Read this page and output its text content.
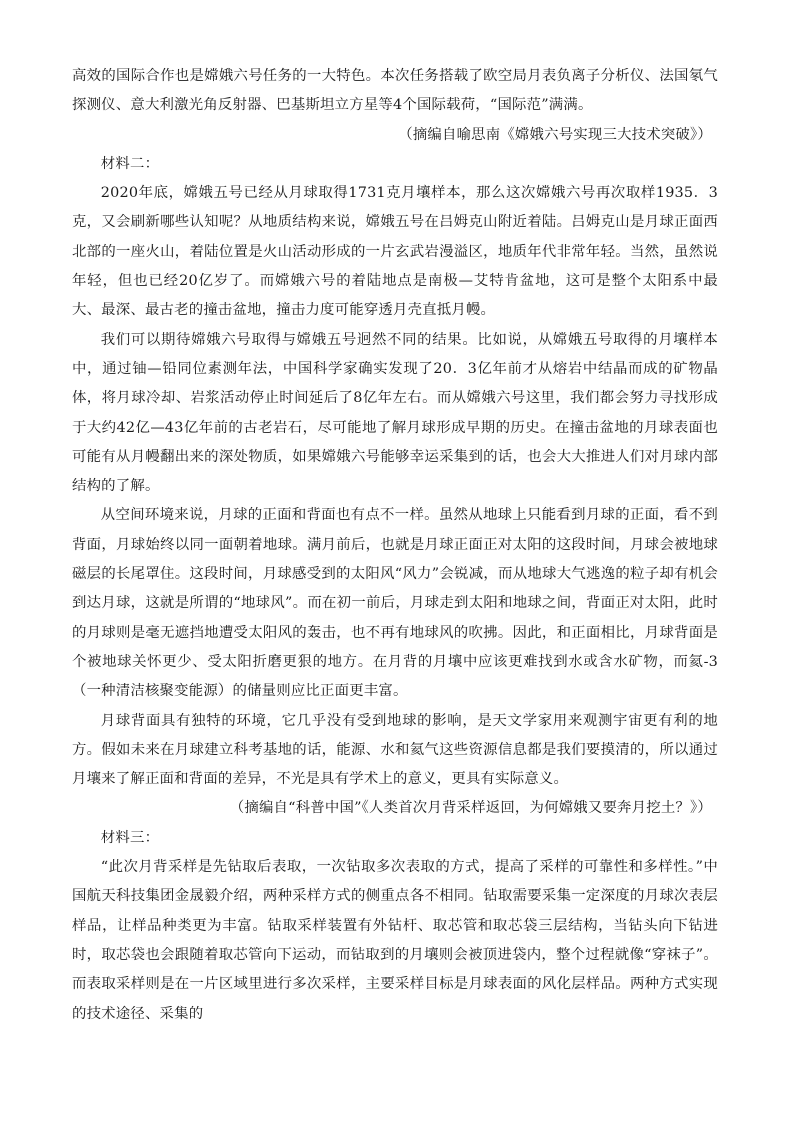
高效的国际合作也是嫦娥六号任务的一大特色。本次任务搭载了欧空局月表负离子分析仪、法国氡气探测仪、意大利激光角反射器、巴基斯坦立方星等4个国际载荷，“国际范”满满。

（摘编自喻思南《嫦娥六号实现三大技术突破》）

材料二：

2020年底，嫦娥五号已经从月球取得1731克月壤样本，那么这次嫦娥六号再次取样1935．3克，又会刷新哪些认知呢？从地质结构来说，嫦娥五号在吕姆克山附近着陆。吕姆克山是月球正面西北部的一座火山，着陆位置是火山活动形成的一片玄武岩漫溢区，地质年代非常年轻。当然，虽然说年轻，但也已经20亿岁了。而嫦娥六号的着陆地点是南极—艾特肯盆地，这可是整个太阳系中最大、最深、最古老的撞击盆地，撞击力度可能穿透月壳直抵月幔。

我们可以期待嫦娥六号取得与嫦娥五号迥然不同的结果。比如说，从嫦娥五号取得的月壤样本中，通过铀—铅同位素测年法，中国科学家确实发现了20．3亿年前才从熔岩中结晶而成的矿物晶体，将月球冷却、岩浆活动停止时间延后了8亿年左右。而从嫦娥六号这里，我们都会努力寻找形成于大约42亿—43亿年前的古老岩石，尽可能地了解月球形成早期的历史。在撞击盆地的月球表面也可能有从月幔翻出来的深处物质，如果嫦娥六号能够幸运采集到的话，也会大大推进人们对月球内部结构的了解。

从空间环境来说，月球的正面和背面也有点不一样。虽然从地球上只能看到月球的正面，看不到背面，月球始终以同一面朝着地球。满月前后，也就是月球正面正对太阳的这段时间，月球会被地球磁层的长尾罩住。这段时间，月球感受到的太阳风“风力”会锐减，而从地球大气逃逸的粒子却有机会到达月球，这就是所谓的“地球风”。而在初一前后，月球走到太阳和地球之间，背面正对太阳，此时的月球则是毫无遮挡地遭受太阳风的轰击，也不再有地球风的吹拂。因此，和正面相比，月球背面是个被地球关怀更少、受太阳折磨更狠的地方。在月背的月壤中应该更难找到水或含水矿物，而氦-3（一种清洁核聚变能源）的储量则应比正面更丰富。

月球背面具有独特的环境，它几乎没有受到地球的影响，是天文学家用来观测宇宙更有利的地方。假如未来在月球建立科考基地的话，能源、水和氦气这些资源信息都是我们要摸清的，所以通过月壤来了解正面和背面的差异，不光是具有学术上的意义，更具有实际意义。

（摘编自“科普中国”《人类首次月背采样返回，为何嫦娥又要奔月挖土？》）

材料三：

“此次月背采样是先钻取后表取，一次钻取多次表取的方式，提高了采样的可靠性和多样性。”中国航天科技集团金晟毅介绍，两种采样方式的侧重点各不相同。钻取需要采集一定深度的月球次表层样品，让样品种类更为丰富。钻取采样装置有外钻杆、取芯管和取芯袋三层结构，当钻头向下钻进时，取芯袋也会跟随着取芯管向下运动，而钻取到的月壤则会被顶进袋内，整个过程就像“穿袜子”。而表取采样则是在一片区域里进行多次采样，主要采样目标是月球表面的风化层样品。两种方式实现的技术途径、采集的
